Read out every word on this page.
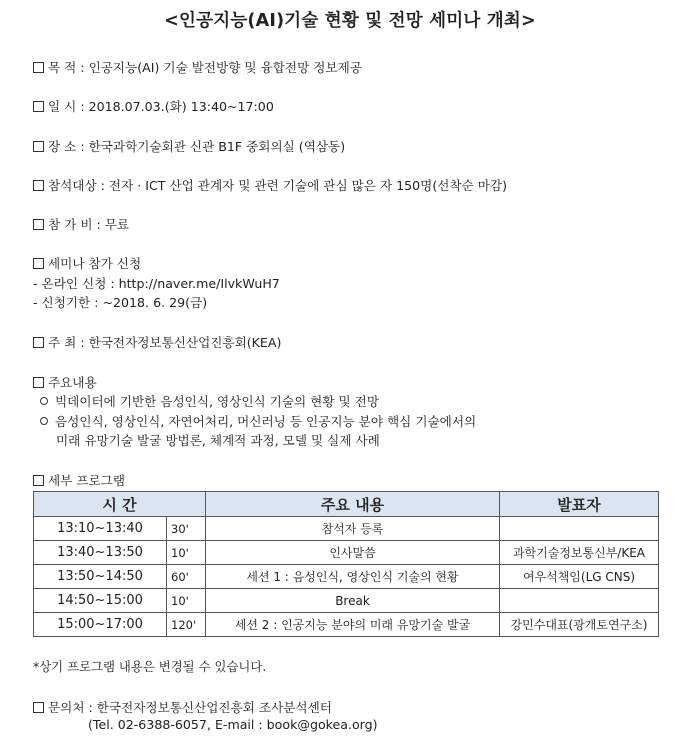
<인공지능(AI)기술 현황 및 전망 세미나 개최>
목 적 : 인공지능(AI) 기술 발전방향 및 융합전망 정보제공
일 시 : 2018.07.03.(화) 13:40~17:00
장 소 : 한국과학기술회관 신관 B1F 중회의실 (역삼동)
참석대상 : 전자 · ICT 산업 관계자 및 관련 기술에 관심 많은 자 150명(선착순 마감)
참 가 비 : 무료
세미나 참가 신청
- 온라인 신청 : http://naver.me/IlvkWuH7
- 신청기한 : ~2018. 6. 29(금)
주 최 : 한국전자정보통신산업진흥회(KEA)
주요내용
빅데이터에 기반한 음성인식, 영상인식 기술의 현황 및 전망
음성인식, 영상인식, 자연어처리, 머신러닝 등 인공지능 분야 핵심 기술에서의
미래 유망기술 발굴 방법론, 체계적 과정, 모델 및 실제 사례
세부 프로그램
시 간		주요 내용	발표자
13:10~13:40	30'	참석자 등록	
13:40~13:50	10'	인사말씀	과학기술정보통신부/KEA
13:50~14:50	60'	세션 1 : 음성인식, 영상인식 기술의 현황	여우석책임(LG CNS)
14:50~15:00	10'	Break	
15:00~17:00	120'	세션 2 : 인공지능 분야의 미래 유망기술 발굴	강민수대표(광개토연구소)
*상기 프로그램 내용은 변경될 수 있습니다.
문의처 : 한국전자정보통신산업진흥회 조사분석센터
(Tel. 02-6388-6057, E-mail : book@gokea.org)
